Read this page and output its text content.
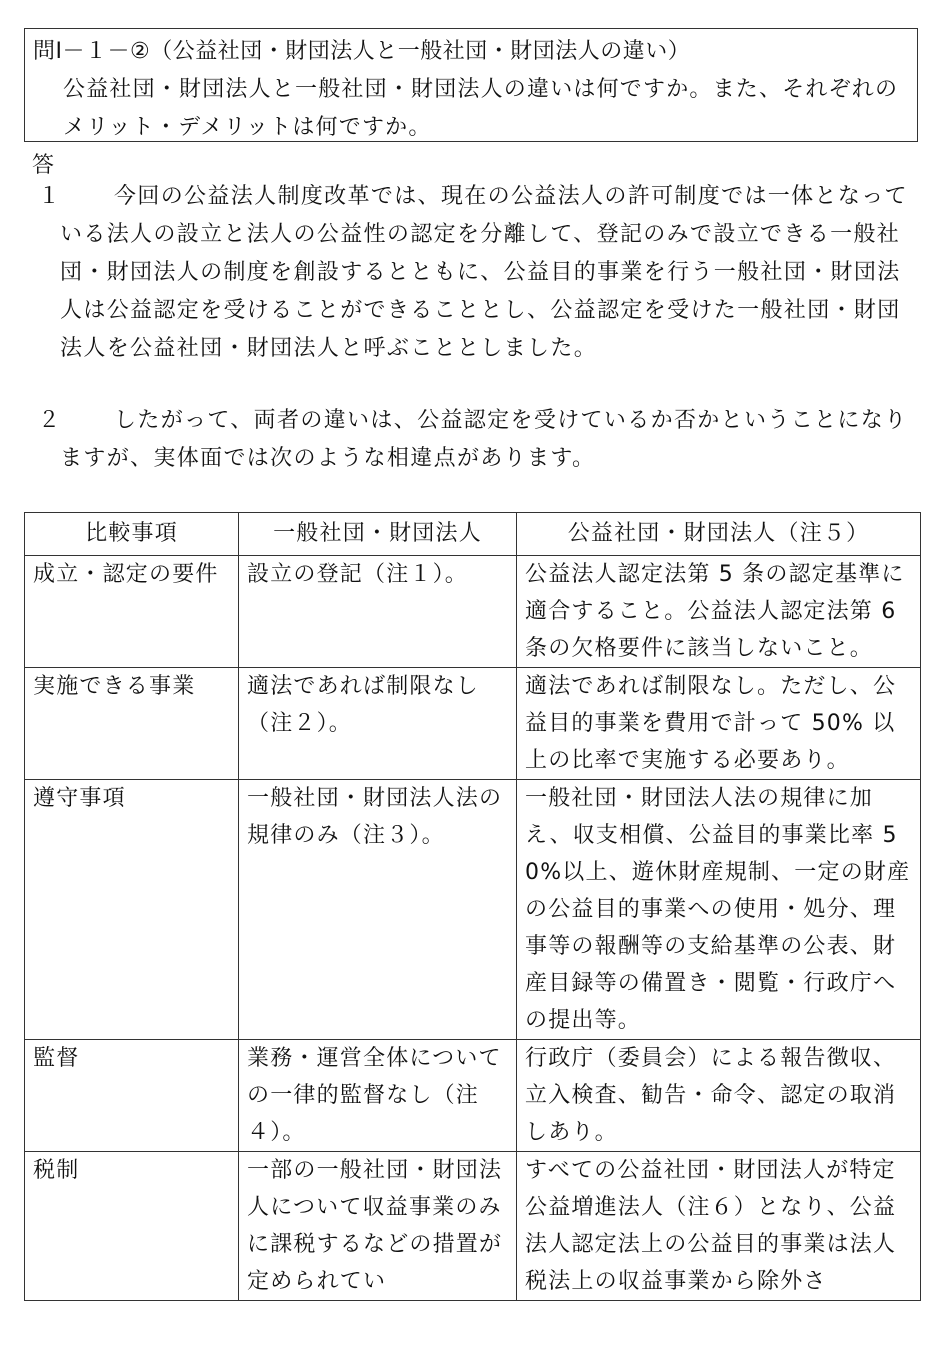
問Ⅰ－１－②（公益社団・財団法人と一般社団・財団法人の違い）
公益社団・財団法人と一般社団・財団法人の違いは何ですか。また、それぞれのメリット・デメリットは何ですか。
答
１	今回の公益法人制度改革では、現在の公益法人の許可制度では一体となっている法人の設立と法人の公益性の認定を分離して、登記のみで設立できる一般社団・財団法人の制度を創設するとともに、公益目的事業を行う一般社団・財団法人は公益認定を受けることができることとし、公益認定を受けた一般社団・財団法人を公益社団・財団法人と呼ぶこととしました。
２	したがって、両者の違いは、公益認定を受けているか否かということになりますが、実体面では次のような相違点があります。
比較事項	一般社団・財団法人	公益社団・財団法人（注５）
成立・認定の要件	設立の登記（注１）。	公益法人認定法第 5 条の認定基準に適合すること。公益法人認定法第 6 条の欠格要件に該当しないこと。
実施できる事業	適法であれば制限なし（注２）。	適法であれば制限なし。ただし、公益目的事業を費用で計って 50% 以上の比率で実施する必要あり。
遵守事項	一般社団・財団法人法の規律のみ（注３）。	一般社団・財団法人法の規律に加え、収支相償、公益目的事業比率 50%以上、遊休財産規制、一定の財産の公益目的事業への使用・処分、理事等の報酬等の支給基準の公表、財産目録等の備置き・閲覧・行政庁への提出等。
監督	業務・運営全体についての一律的監督なし（注４）。	行政庁（委員会）による報告徴収、立入検査、勧告・命令、認定の取消しあり。
税制	一部の一般社団・財団法人について収益事業のみに課税するなどの措置が定められてい	すべての公益社団・財団法人が特定公益増進法人（注６）となり、公益法人認定法上の公益目的事業は法人税法上の収益事業から除外さ
